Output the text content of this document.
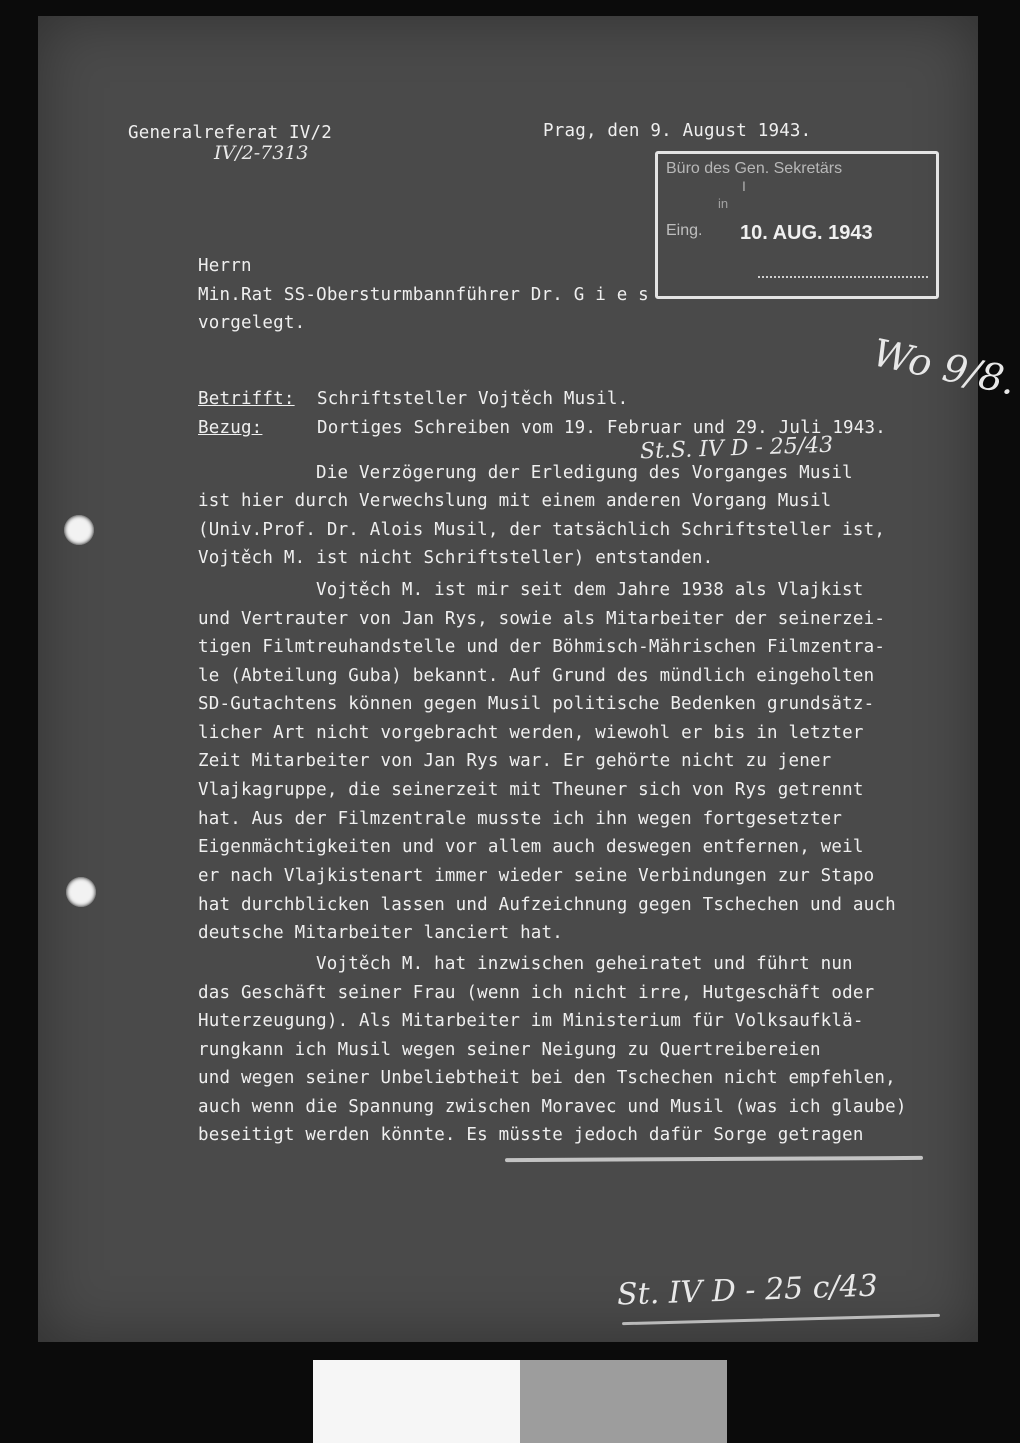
Generalreferat IV/2
IV/2-7313
Prag, den 9. August 1943.
Büro des Gen. Sekretärs
I
in
Eing. 10. AUG. 1943
Herrn
Min.Rat SS-Obersturmbannführer Dr. G i e s
vorgelegt.
Wo 9/8.
Betrifft: Schriftsteller Vojtěch Musil.
Bezug:	Dortiges Schreiben vom 19. Februar und 29. Juli 1943.
St.S. IV D - 25/43
Die Verzögerung der Erledigung des Vorganges Musil
ist hier durch Verwechslung mit einem anderen Vorgang Musil
(Univ.Prof. Dr. Alois Musil, der tatsächlich Schriftsteller ist,
Vojtěch M. ist nicht Schriftsteller) entstanden.
Vojtěch M. ist mir seit dem Jahre 1938 als Vlajkist
und Vertrauter von Jan Rys, sowie als Mitarbeiter der seinerzei-
tigen Filmtreuhandstelle und der Böhmisch-Mährischen Filmzentra-
le (Abteilung Guba) bekannt. Auf Grund des mündlich eingeholten
SD-Gutachtens können gegen Musil politische Bedenken grundsätz-
licher Art nicht vorgebracht werden, wiewohl er bis in letzter
Zeit Mitarbeiter von Jan Rys war. Er gehörte nicht zu jener
Vlajkagruppe, die seinerzeit mit Theuner sich von Rys getrennt
hat. Aus der Filmzentrale musste ich ihn wegen fortgesetzter
Eigenmächtigkeiten und vor allem auch deswegen entfernen, weil
er nach Vlajkistenart immer wieder seine Verbindungen zur Stapo
hat durchblicken lassen und Aufzeichnung gegen Tschechen und auch
deutsche Mitarbeiter lanciert hat.
Vojtěch M. hat inzwischen geheiratet und führt nun
das Geschäft seiner Frau (wenn ich nicht irre, Hutgeschäft oder
Huterzeugung). Als Mitarbeiter im Ministerium für Volksaufklä-
rungkann ich Musil wegen seiner Neigung zu Quertreibereien
und wegen seiner Unbeliebtheit bei den Tschechen nicht empfehlen,
auch wenn die Spannung zwischen Moravec und Musil (was ich glaube)
beseitigt werden könnte. Es müsste jedoch dafür Sorge getragen
St. IV D - 25 c/43
